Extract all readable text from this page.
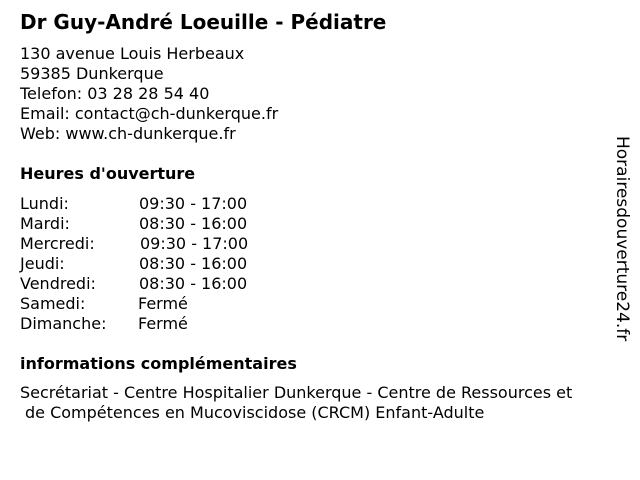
Dr Guy-André Loeuille - Pédiatre
130 avenue Louis Herbeaux
59385 Dunkerque
Telefon: 03 28 28 54 40
Email: contact@ch-dunkerque.fr
Web: www.ch-dunkerque.fr
Heures d'ouverture
Lundi:	09:30 - 17:00
Mardi:	08:30 - 16:00
Mercredi:	09:30 - 17:00
Jeudi:	08:30 - 16:00
Vendredi:	08:30 - 16:00
Samedi:	Fermé
Dimanche: Fermé
informations complémentaires
Secrétariat - Centre Hospitalier Dunkerque - Centre de Ressources et
de Compétences en Mucoviscidose (CRCM) Enfant-Adulte
Horairesdouverture24.fr
